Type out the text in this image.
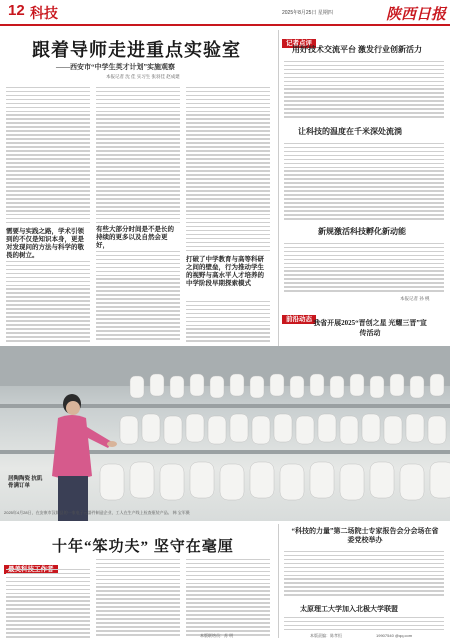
12 科技	2025年8月25日 星期四	陕西日报
跟着导师走进重点实验室
——西安市“中学生英才计划”实施观察
本报记者 沈 佳 实习生 张羽佳 赵成建
需要与实践之路，学术引领到的不仅是知识本身，更是对发现问的方法与科学的敬畏的树立。
有些大部分时间是不是长的持续的更多以及自然会更好，
打破了中学教育与高等科研之间的壁垒，行为推动学生的视野与高水平人才培养的中学阶段早期探索模式
记者点评
用好技术交流平台 激发行业创新活力
让科技的温度在千米深处流淌
新规激活科技孵化新动能
本报记者 孙 桃
前沿动态 我省开展2025“晋创之星 光耀三晋”宣传活动
居陶陶瓷 抗肌骨满订单
2025年4月28日，在安康市汉阴县的一家电子元器件制造企业，工人在生产线上检查瓶装产品。 韩 宝军摄
十年“笨功夫” 坚守在毫厘
“科技的力量”第二场院士专家报告会分会场在省委党校举办
太原理工大学加入北极大学联盟
本版联络员：苏 明	本版责编：陈孝恒	19907540 @qq.com
